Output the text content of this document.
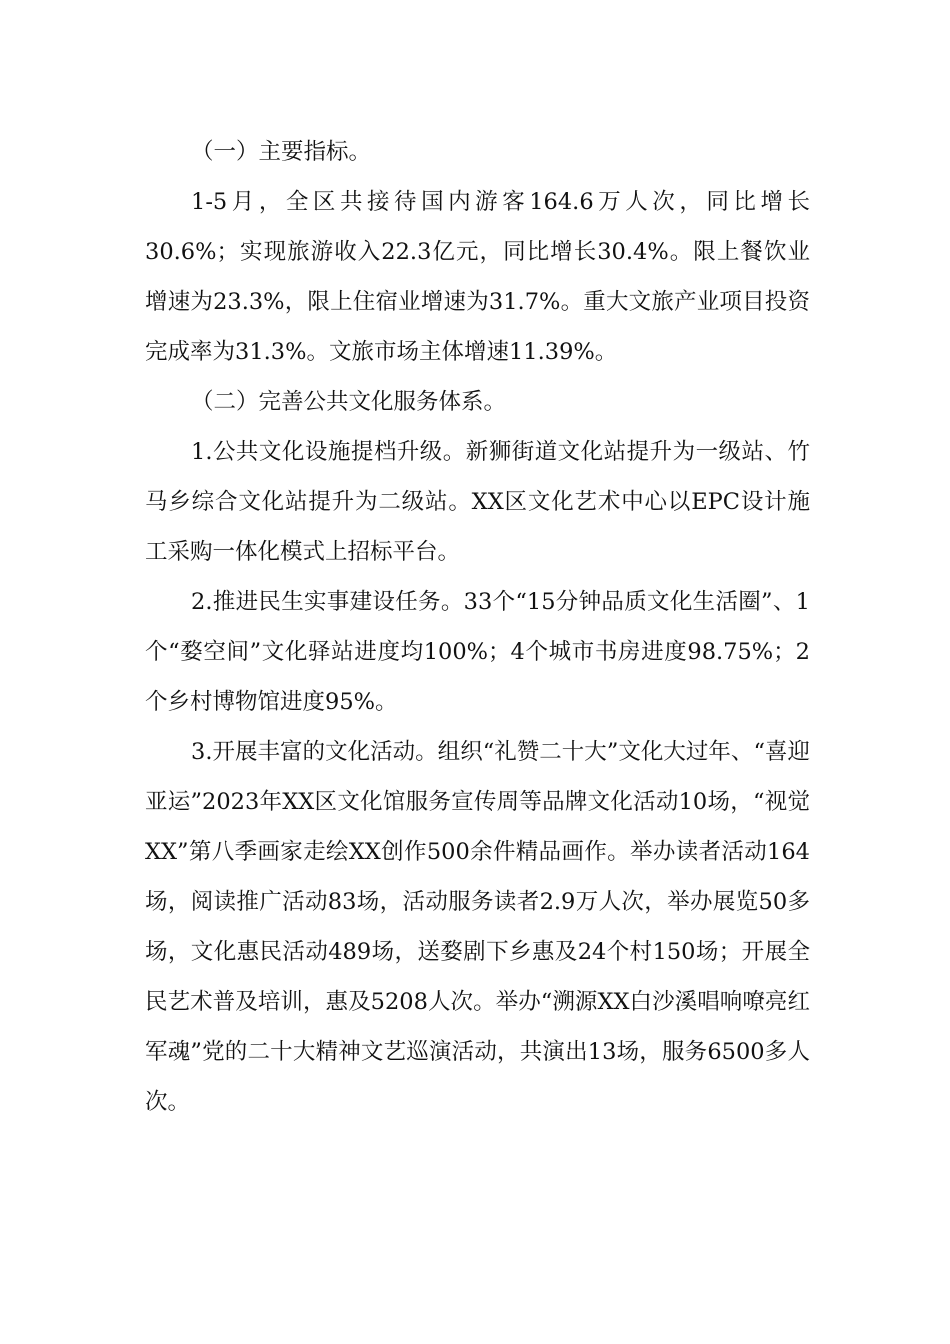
（一）主要指标。

1-5月，全区共接待国内游客164.6万人次，同比增长30.6%；实现旅游收入22.3亿元，同比增长30.4%。限上餐饮业增速为23.3%，限上住宿业增速为31.7%。重大文旅产业项目投资完成率为31.3%。文旅市场主体增速11.39%。

（二）完善公共文化服务体系。

1.公共文化设施提档升级。新狮街道文化站提升为一级站、竹马乡综合文化站提升为二级站。XX区文化艺术中心以EPC设计施工采购一体化模式上招标平台。

2.推进民生实事建设任务。33个“15分钟品质文化生活圈”、1个“婺空间”文化驿站进度均100%；4个城市书房进度98.75%；2个乡村博物馆进度95%。

3.开展丰富的文化活动。组织“礼赞二十大”文化大过年、“喜迎亚运”2023年XX区文化馆服务宣传周等品牌文化活动10场，“视觉XX”第八季画家走绘XX创作500余件精品画作。举办读者活动164场，阅读推广活动83场，活动服务读者2.9万人次，举办展览50多场，文化惠民活动489场，送婺剧下乡惠及24个村150场；开展全民艺术普及培训，惠及5208人次。举办“溯源XX白沙溪唱响嘹亮红军魂”党的二十大精神文艺巡演活动，共演出13场，服务6500多人次。
